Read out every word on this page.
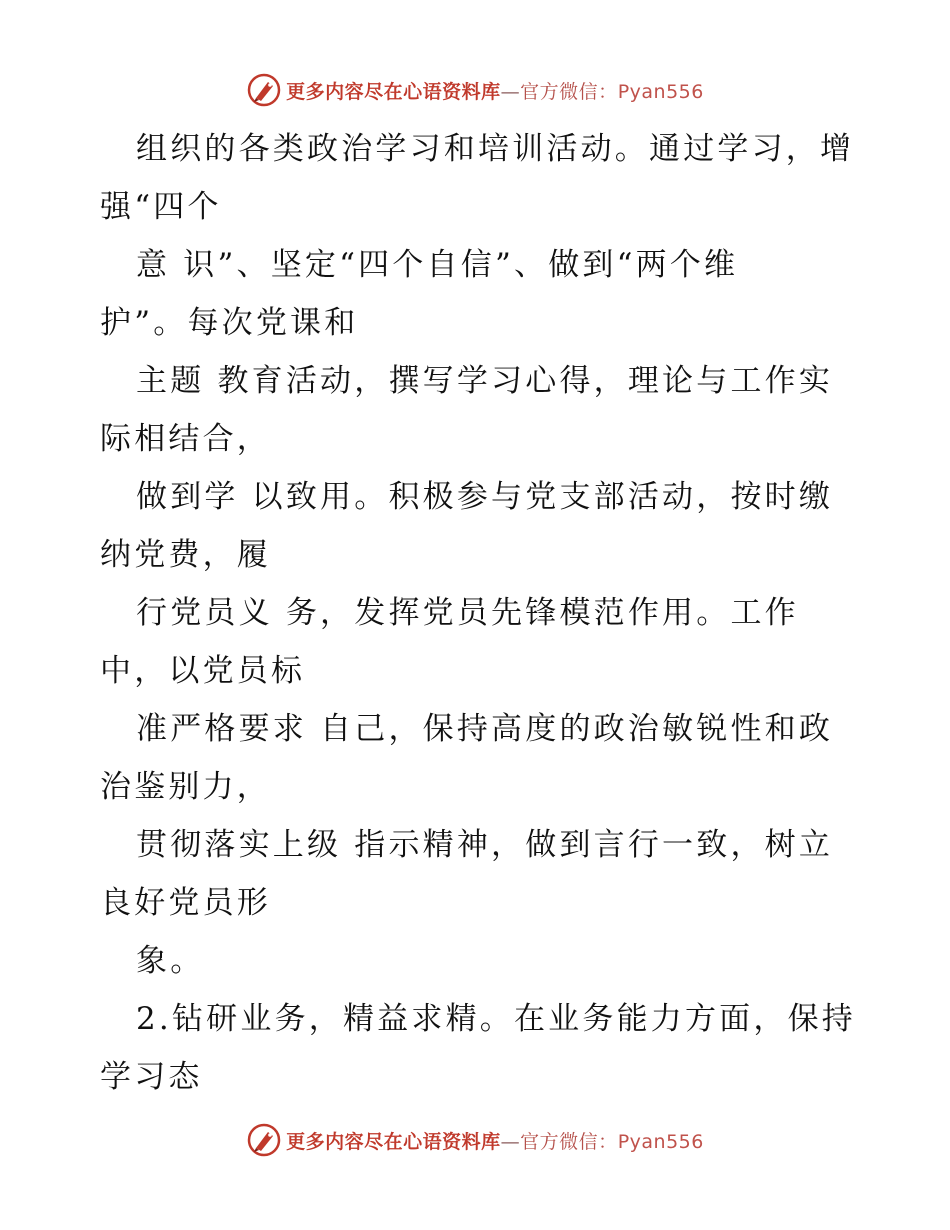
更多内容尽在心语资料库—官方微信：Pyan556
组织的各类政治学习和培训活动。通过学习，增
强“四个
意 识”、坚定“四个自信”、做到“两个维
护”。每次党课和
主题 教育活动，撰写学习心得，理论与工作实
际相结合，
做到学 以致用。积极参与党支部活动，按时缴
纳党费，履
行党员义 务，发挥党员先锋模范作用。工作
中，以党员标
准严格要求 自己，保持高度的政治敏锐性和政
治鉴别力，
贯彻落实上级 指示精神，做到言行一致，树立
良好党员形
象。
2.钻研业务，精益求精。在业务能力方面，保持
学习态
更多内容尽在心语资料库—官方微信：Pyan556
